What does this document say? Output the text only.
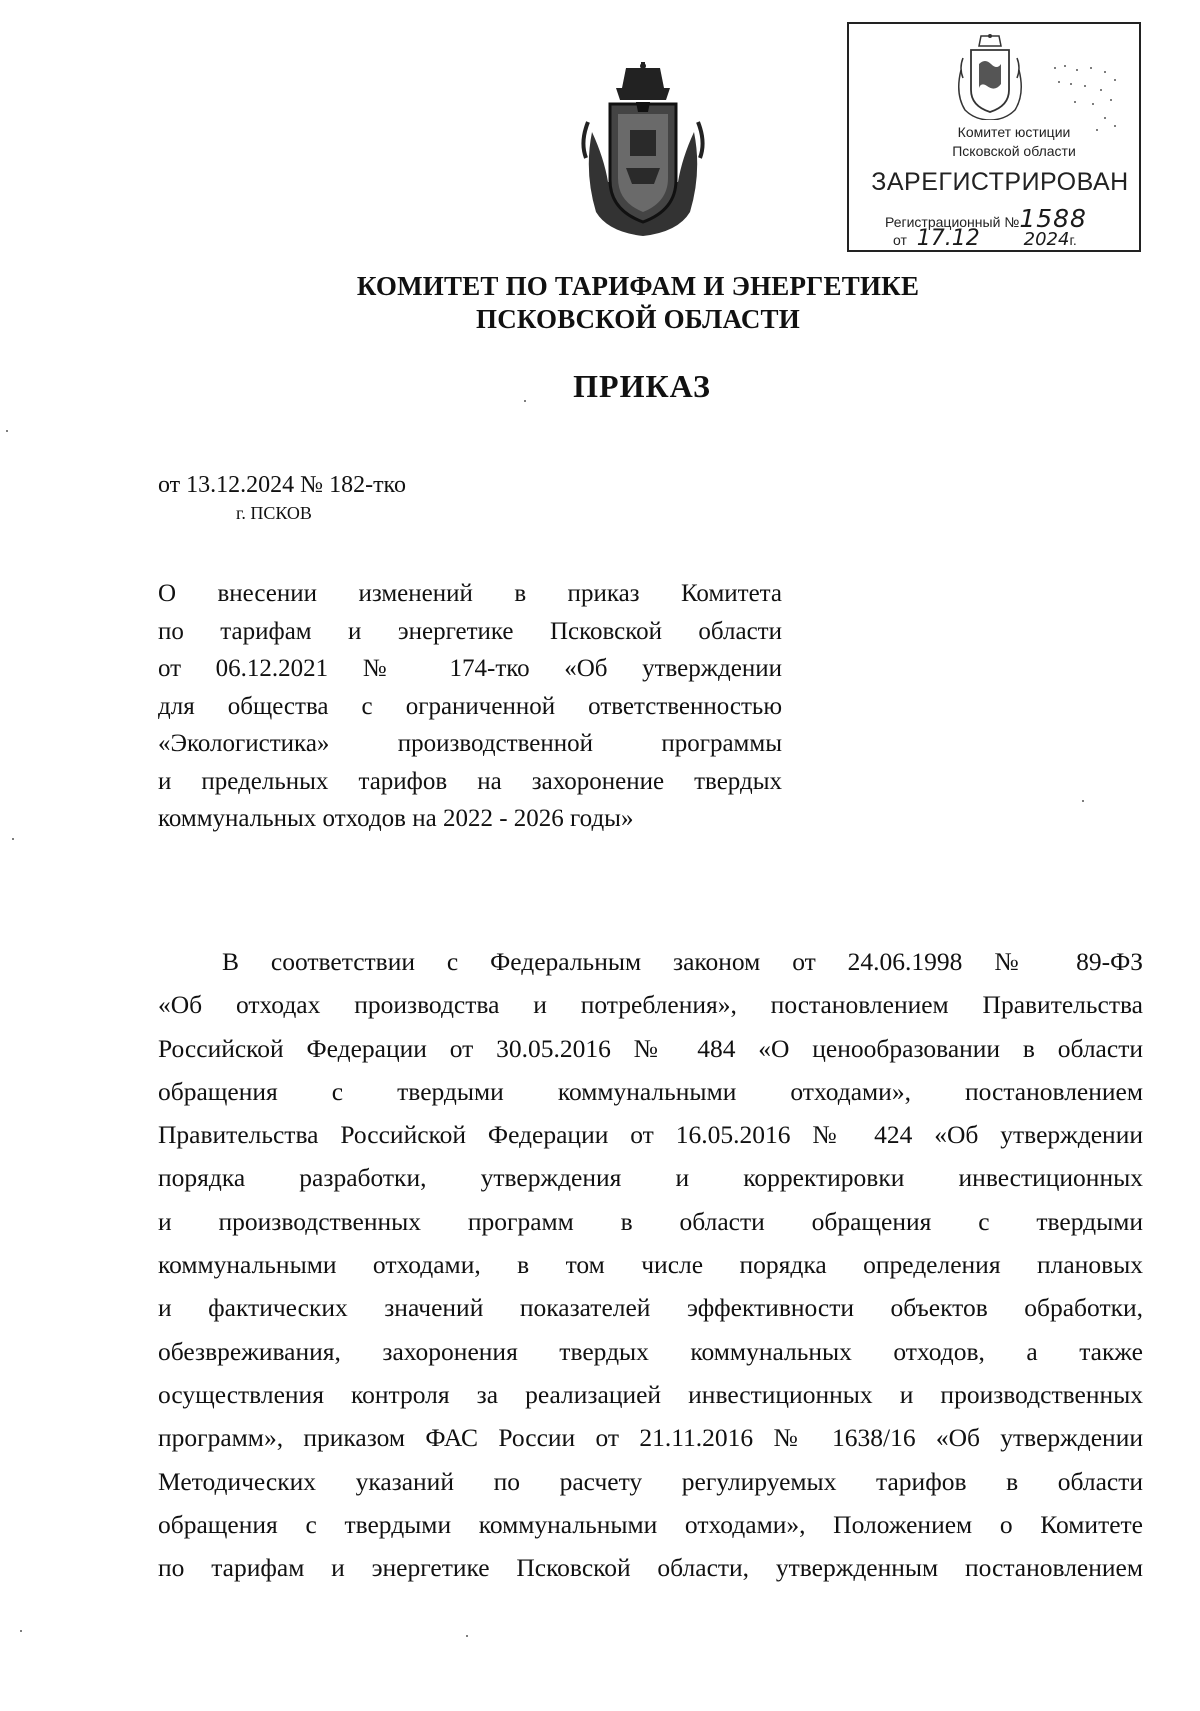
Комитет юстиции
Псковской области
ЗАРЕГИСТРИРОВАН
Регистрационный №1588
от 17.12 2024г.
КОМИТЕТ ПО ТАРИФАМ И ЭНЕРГЕТИКЕ
ПСКОВСКОЙ ОБЛАСТИ
ПРИКАЗ
от 13.12.2024 № 182-тко
г. ПСКОВ
О внесении изменений в приказ Комитета
по тарифам и энергетике Псковской области
от 06.12.2021 № 174-тко «Об утверждении
для общества с ограниченной ответственностью
«Экологистика» производственной программы
и предельных тарифов на захоронение твердых
коммунальных отходов на 2022 - 2026 годы»
В соответствии с Федеральным законом от 24.06.1998 № 89-ФЗ
«Об отходах производства и потребления», постановлением Правительства
Российской Федерации от 30.05.2016 № 484 «О ценообразовании в области
обращения с твердыми коммунальными отходами», постановлением
Правительства Российской Федерации от 16.05.2016 № 424 «Об утверждении
порядка разработки, утверждения и корректировки инвестиционных
и производственных программ в области обращения с твердыми
коммунальными отходами, в том числе порядка определения плановых
и фактических значений показателей эффективности объектов обработки,
обезвреживания, захоронения твердых коммунальных отходов, а также
осуществления контроля за реализацией инвестиционных и производственных
программ», приказом ФАС России от 21.11.2016 № 1638/16 «Об утверждении
Методических указаний по расчету регулируемых тарифов в области
обращения с твердыми коммунальными отходами», Положением о Комитете
по тарифам и энергетике Псковской области, утвержденным постановлением
